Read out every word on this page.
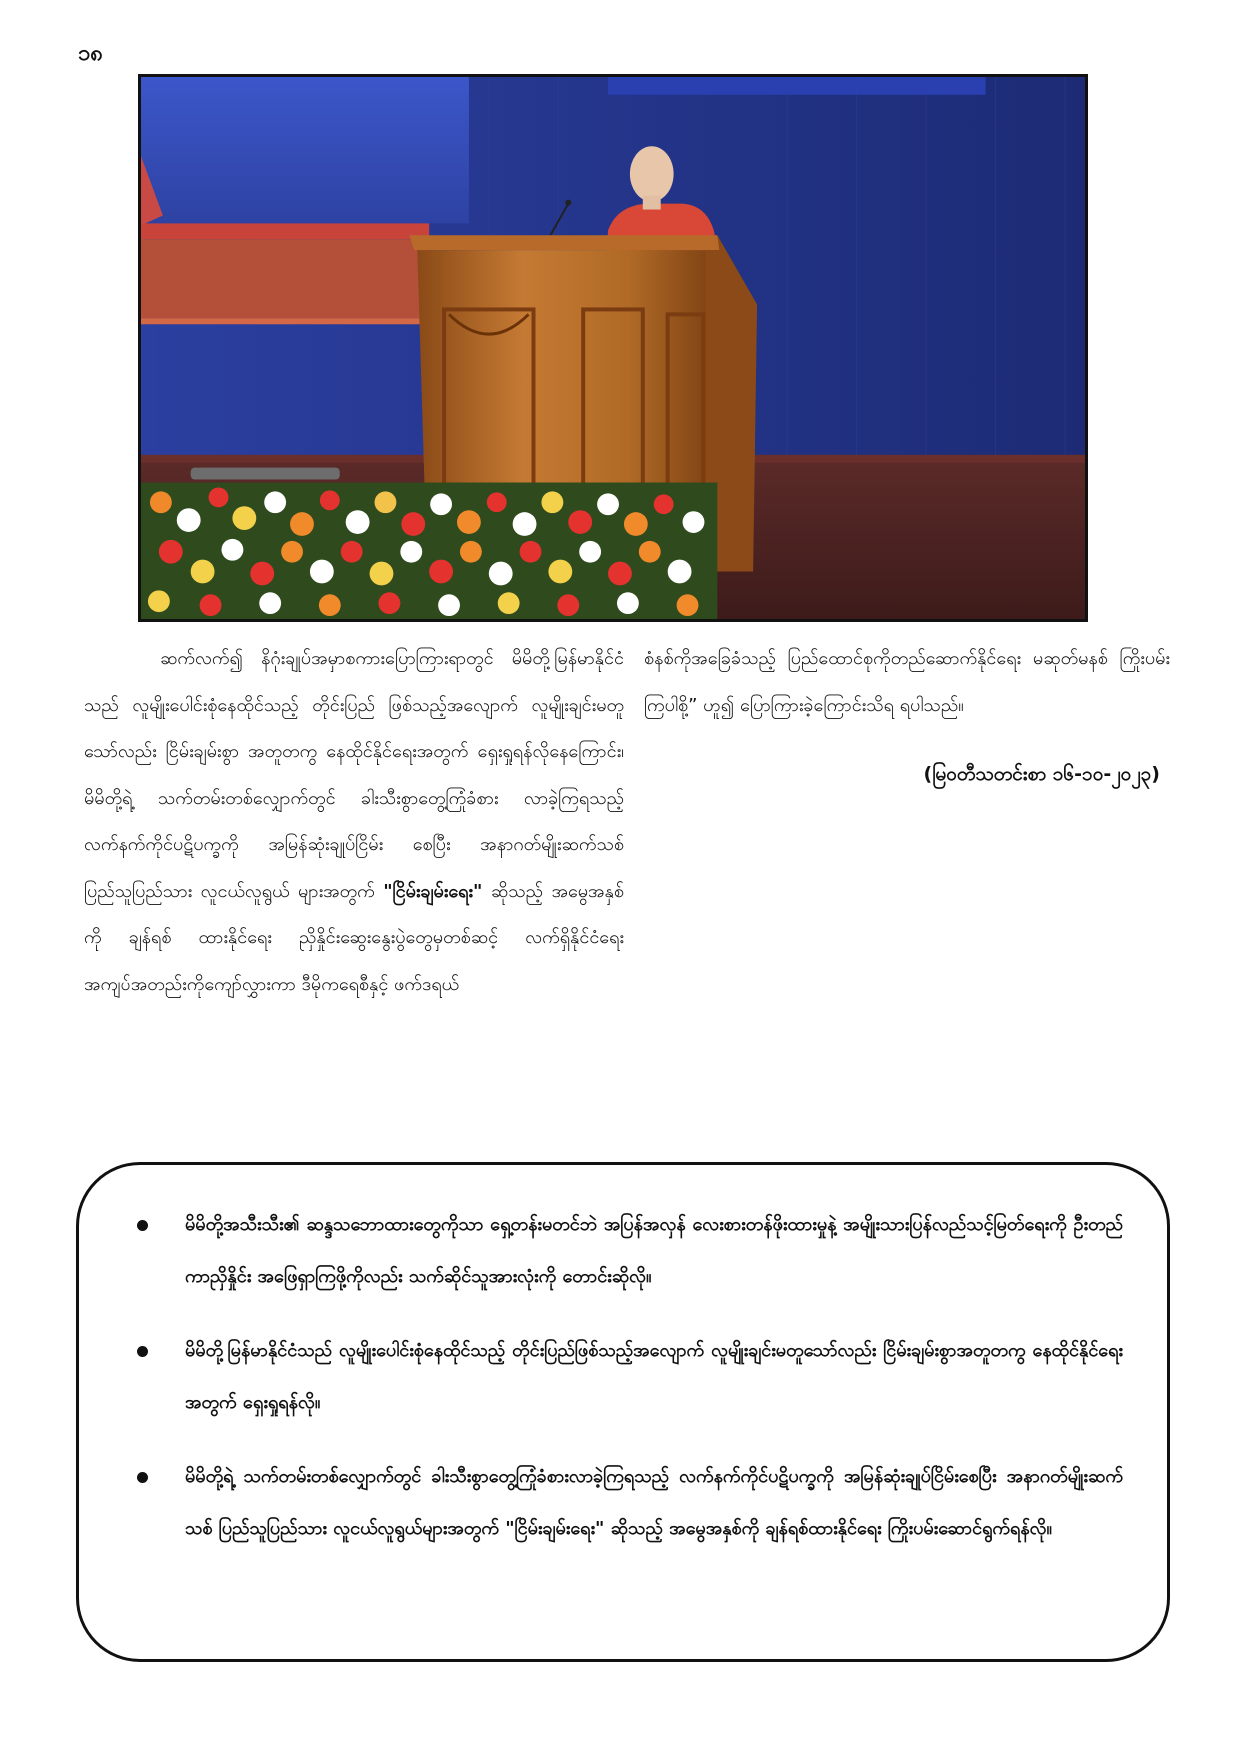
၁၈

ဆက်လက်၍ နိဂုံးချုပ်အမှာစကားပြောကြားရာတွင် မိမိတို့မြန်မာနိုင်ငံသည် လူမျိုးပေါင်းစုံနေထိုင်သည့် တိုင်းပြည် ဖြစ်သည့်အလျောက် လူမျိုးချင်းမတူသော်လည်း ငြိမ်းချမ်းစွာ အတူတကွ နေထိုင်နိုင်ရေးအတွက် ရှေးရှုရန်လိုနေကြောင်း၊ မိမိတို့ရဲ့ သက်တမ်းတစ်လျှောက်တွင် ခါးသီးစွာတွေ့ကြုံခံစား လာခဲ့ကြရသည့် လက်နက်ကိုင်ပဋိပက္ခကို အမြန်ဆုံးချုပ်ငြိမ်း စေပြီး အနာဂတ်မျိုးဆက်သစ် ပြည်သူပြည်သား လူငယ်လူရွယ် များအတွက် "ငြိမ်းချမ်းရေး" ဆိုသည့် အမွေအနှစ်ကို ချန်ရစ် ထားနိုင်ရေး ညှိနှိုင်းဆွေးနွေးပွဲတွေမှတစ်ဆင့် လက်ရှိနိုင်ငံရေး အကျပ်အတည်းကိုကျော်လွှားကာ ဒီမိုကရေစီနှင့် ဖက်ဒရယ်

စံနစ်ကိုအခြေခံသည့် ပြည်ထောင်စုကိုတည်ဆောက်နိုင်ရေး မဆုတ်မနစ် ကြိုးပမ်းကြပါစို့” ဟူ၍ ပြောကြားခဲ့ကြောင်းသိရ ရပါသည်။

(မြဝတီသတင်းစာ ၁၆-၁၀-၂၀၂၃)

မိမိတို့အသီးသီး၏ ဆန္ဒသဘောထားတွေကိုသာ ရှေ့တန်းမတင်ဘဲ အပြန်အလှန် လေးစားတန်ဖိုးထားမှုနဲ့ အမျိုးသားပြန်လည်သင့်မြတ်ရေးကို ဦးတည်ကာညှိနှိုင်း အဖြေရှာကြဖို့ကိုလည်း သက်ဆိုင်သူအားလုံးကို တောင်းဆိုလို။
မိမိတို့မြန်မာနိုင်ငံသည် လူမျိုးပေါင်းစုံနေထိုင်သည့် တိုင်းပြည်ဖြစ်သည့်အလျောက် လူမျိုးချင်းမတူသော်လည်း ငြိမ်းချမ်းစွာအတူတကွ နေထိုင်နိုင်ရေးအတွက် ရှေးရှုရန်လို။
မိမိတို့ရဲ့ သက်တမ်းတစ်လျှောက်တွင် ခါးသီးစွာတွေ့ကြုံခံစားလာခဲ့ကြရသည့် လက်နက်ကိုင်ပဋိပက္ခကို အမြန်ဆုံးချုပ်ငြိမ်းစေပြီး အနာဂတ်မျိုးဆက်သစ် ပြည်သူပြည်သား လူငယ်လူရွယ်များအတွက် "ငြိမ်းချမ်းရေး" ဆိုသည့် အမွေအနှစ်ကို ချန်ရစ်ထားနိုင်ရေး ကြိုးပမ်းဆောင်ရွက်ရန်လို။
